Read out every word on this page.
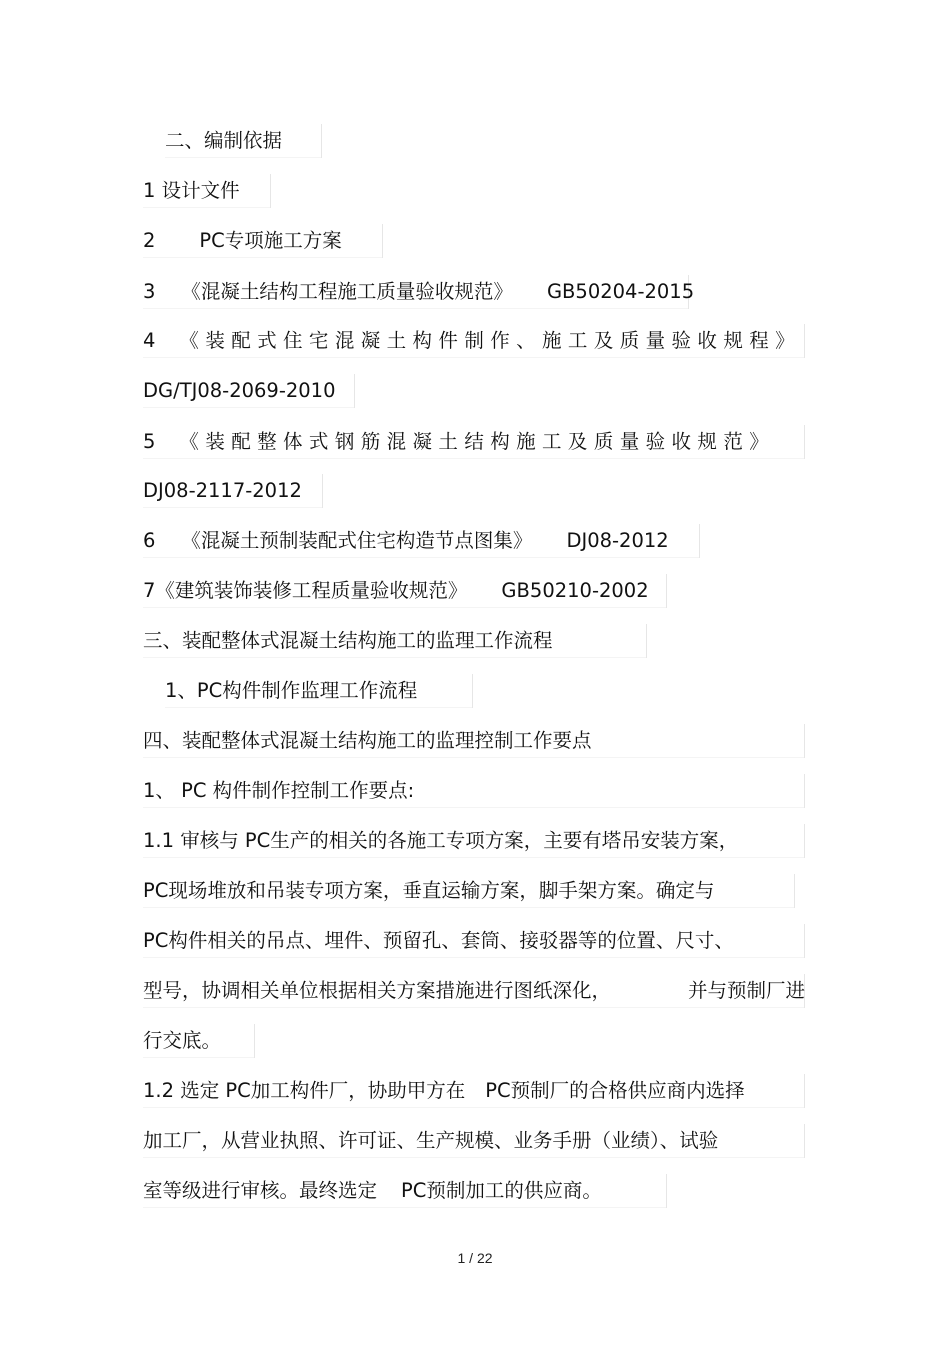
二、编制依据
1 设计文件
2 PC专项施工方案
3 《混凝土结构工程施工质量验收规范》 GB50204-2015
4 《装配式住宅混凝土构件制作、施工及质量验收规程》
DG/TJ08-2069-2010
5 《装配整体式钢筋混凝土结构施工及质量验收规范》
DJ08-2117-2012
6 《混凝土预制装配式住宅构造节点图集》 DJ08-2012
7《建筑装饰装修工程质量验收规范》 GB50210-2002
三、装配整体式混凝土结构施工的监理工作流程
1、PC构件制作监理工作流程
四、装配整体式混凝土结构施工的监理控制工作要点
1、 PC 构件制作控制工作要点:
1.1 审核与 PC生产的相关的各施工专项方案，主要有塔吊安装方案，
PC现场堆放和吊装专项方案，垂直运输方案，脚手架方案。确定与
PC构件相关的吊点、埋件、预留孔、套筒、接驳器等的位置、尺寸、
型号，协调相关单位根据相关方案措施进行图纸深化，	并与预制厂进
行交底。
1.2 选定 PC加工构件厂，协助甲方在 PC预制厂的合格供应商内选择
加工厂，从营业执照、许可证、生产规模、业务手册（业绩）、试验
室等级进行审核。最终选定 PC预制加工的供应商。
1 / 22
